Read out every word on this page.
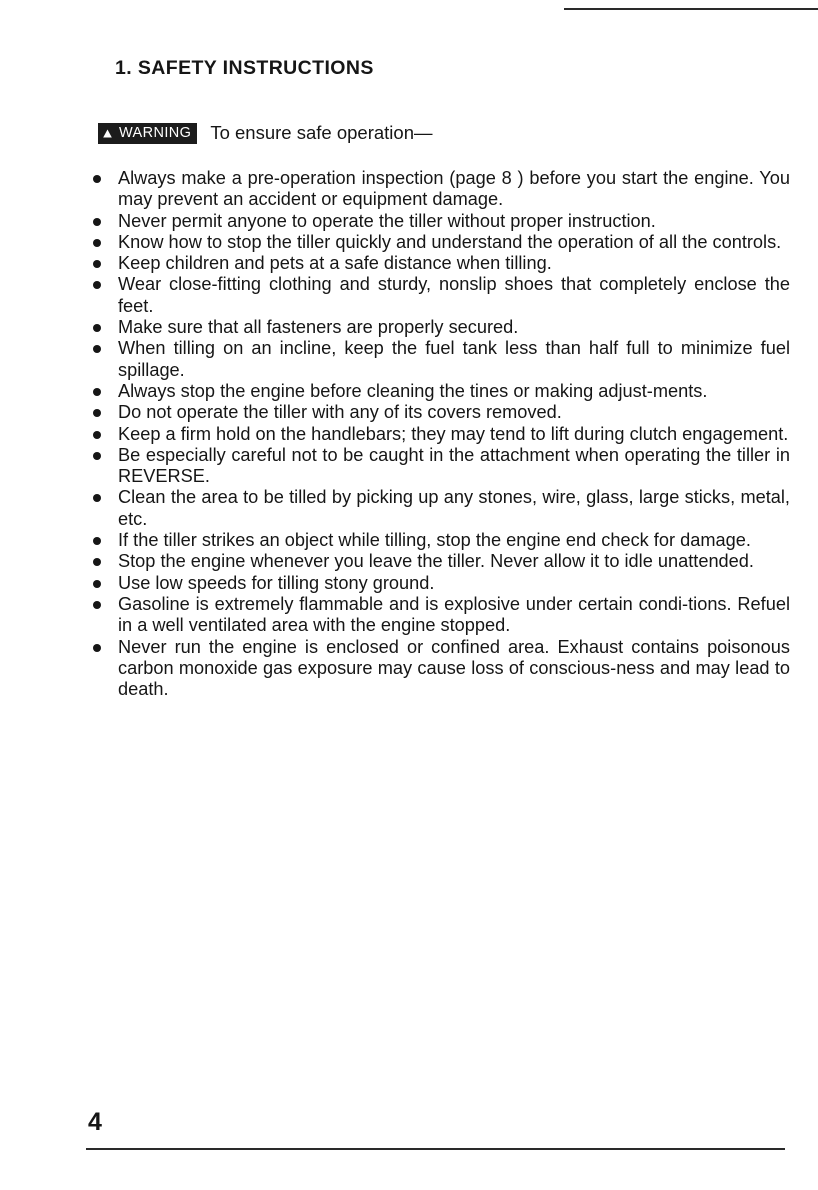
1. SAFETY INSTRUCTIONS
WARNING To ensure safe operation—
Always make a pre-operation inspection (page 8 ) before you start the engine. You may prevent an accident or equipment damage.
Never permit anyone to operate the tiller without proper instruction.
Know how to stop the tiller quickly and understand the operation of all the controls.
Keep children and pets at a safe distance when tilling.
Wear close-fitting clothing and sturdy, nonslip shoes that completely enclose the feet.
Make sure that all fasteners are properly secured.
When tilling on an incline, keep the fuel tank less than half full to minimize fuel spillage.
Always stop the engine before cleaning the tines or making adjust-ments.
Do not operate the tiller with any of its covers removed.
Keep a firm hold on the handlebars; they may tend to lift during clutch engagement.
Be especially careful not to be caught in the attachment when operating the tiller in REVERSE.
Clean the area to be tilled by picking up any stones, wire, glass, large sticks, metal, etc.
If the tiller strikes an object while tilling, stop the engine end check for damage.
Stop the engine whenever you leave the tiller. Never allow it to idle unattended.
Use low speeds for tilling stony ground.
Gasoline is extremely flammable and is explosive under certain condi-tions. Refuel in a well ventilated area with the engine stopped.
Never run the engine is enclosed or confined area. Exhaust contains poisonous carbon monoxide gas exposure may cause loss of conscious-ness and may lead to death.
4
